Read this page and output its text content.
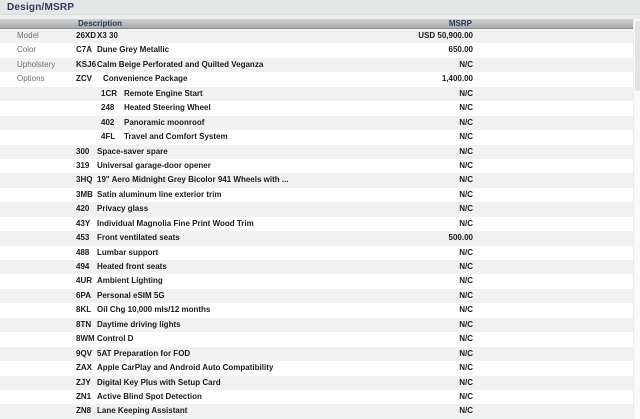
Design/MSRP
Description	MSRP
Model	26XD X3 30	USD 50,900.00
Color	C7A Dune Grey Metallic	650.00
Upholstery	KSJ6 Calm Beige Perforated and Quilted Veganza	N/C
Options	ZCV Convenience Package	1,400.00
1CR Remote Engine Start	N/C
248 Heated Steering Wheel	N/C
402 Panoramic moonroof	N/C
4FL Travel and Comfort System	N/C
300 Space-saver spare	N/C
319 Universal garage-door opener	N/C
3HQ 19" Aero Midnight Grey Bicolor 941 Wheels with ...	N/C
3MB Satin aluminum line exterior trim	N/C
420 Privacy glass	N/C
43Y Individual Magnolia Fine Print Wood Trim	N/C
453 Front ventilated seats	500.00
488 Lumbar support	N/C
494 Heated front seats	N/C
4UR Ambient Lighting	N/C
6PA Personal eSIM 5G	N/C
8KL Oil Chg 10,000 mls/12 months	N/C
8TN Daytime driving lights	N/C
8WM Control D	N/C
9QV 5AT Preparation for FOD	N/C
ZAX Apple CarPlay and Android Auto Compatibility	N/C
ZJY Digital Key Plus with Setup Card	N/C
ZN1 Active Blind Spot Detection	N/C
ZN8 Lane Keeping Assistant	N/C
